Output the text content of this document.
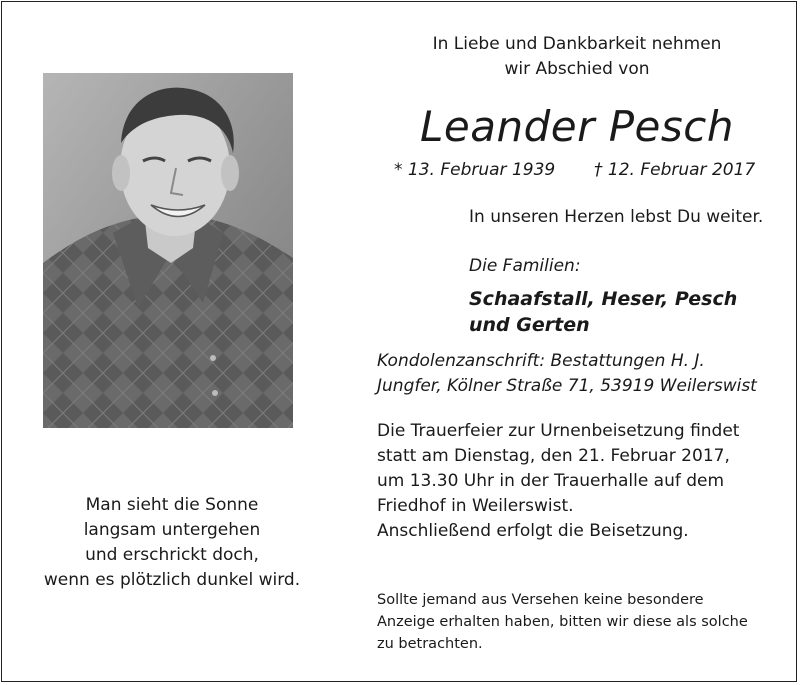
In Liebe und Dankbarkeit nehmen
wir Abschied von
Leander Pesch
* 13. Februar 1939 † 12. Februar 2017
In unseren Herzen lebst Du weiter.
Die Familien:
Schaafstall, Heser, Pesch
und Gerten
Kondolenzanschrift: Bestattungen H. J.
Jungfer, Kölner Straße 71, 53919 Weilerswist
Die Trauerfeier zur Urnenbeisetzung findet
statt am Dienstag, den 21. Februar 2017,
um 13.30 Uhr in der Trauerhalle auf dem
Friedhof in Weilerswist.
Anschließend erfolgt die Beisetzung.
Sollte jemand aus Versehen keine besondere
Anzeige erhalten haben, bitten wir diese als solche
zu betrachten.
Man sieht die Sonne
langsam untergehen
und erschrickt doch,
wenn es plötzlich dunkel wird.
